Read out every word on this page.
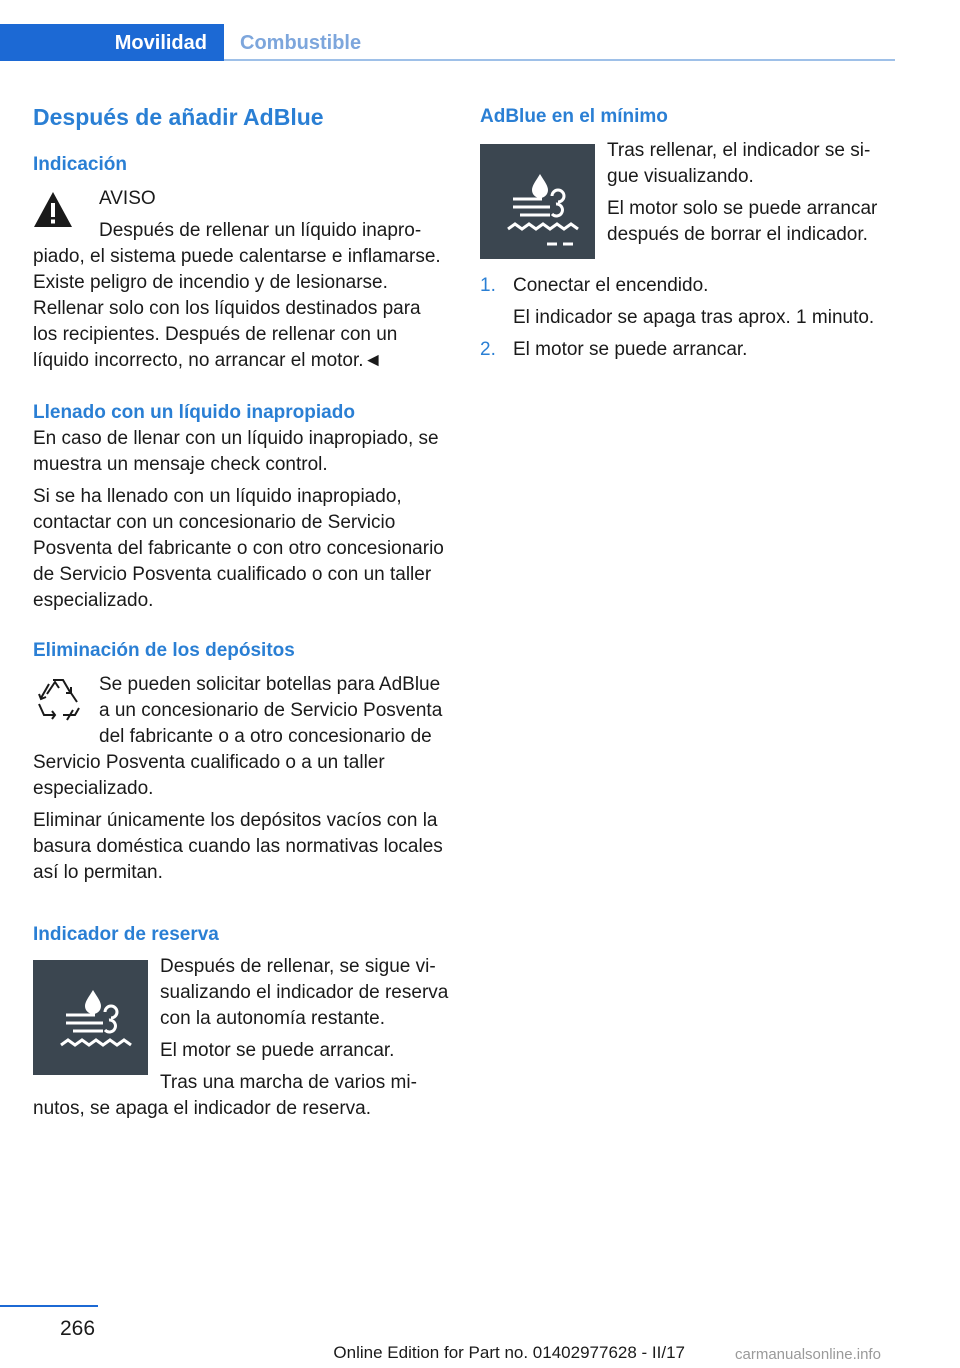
Movilidad	Combustible
Después de añadir AdBlue
Indicación

AVISO

Después de rellenar un líquido inapropiado, el sistema puede calentarse e inflamarse. Existe peligro de incendio y de lesionarse. Rellenar solo con los líquidos destinados para los recipientes. Después de rellenar con un líquido incorrecto, no arrancar el motor.◄

Llenado con un líquido inapropiado

En caso de llenar con un líquido inapropiado, se muestra un mensaje check control.

Si se ha llenado con un líquido inapropiado, contactar con un concesionario de Servicio Posventa del fabricante o con otro concesionario de Servicio Posventa cualificado o con un taller especializado.

Eliminación de los depósitos

Se pueden solicitar botellas para AdBlue a un concesionario de Servicio Posventa del fabricante o a otro concesionario de Servicio Posventa cualificado o a un taller especializado.

Eliminar únicamente los depósitos vacíos con la basura doméstica cuando las normativas locales así lo permitan.

Indicador de reserva

Después de rellenar, se sigue visualizando el indicador de reserva con la autonomía restante.

El motor se puede arrancar.

Tras una marcha de varios minutos, se apaga el indicador de reserva.

AdBlue en el mínimo

Tras rellenar, el indicador se sigue visualizando.

El motor solo se puede arrancar después de borrar el indicador.

1. Conectar el encendido.
El indicador se apaga tras aprox. 1 minuto.
2. El motor se puede arrancar.
266
Online Edition for Part no. 01402977628 - II/17	carmanualsonline.info
